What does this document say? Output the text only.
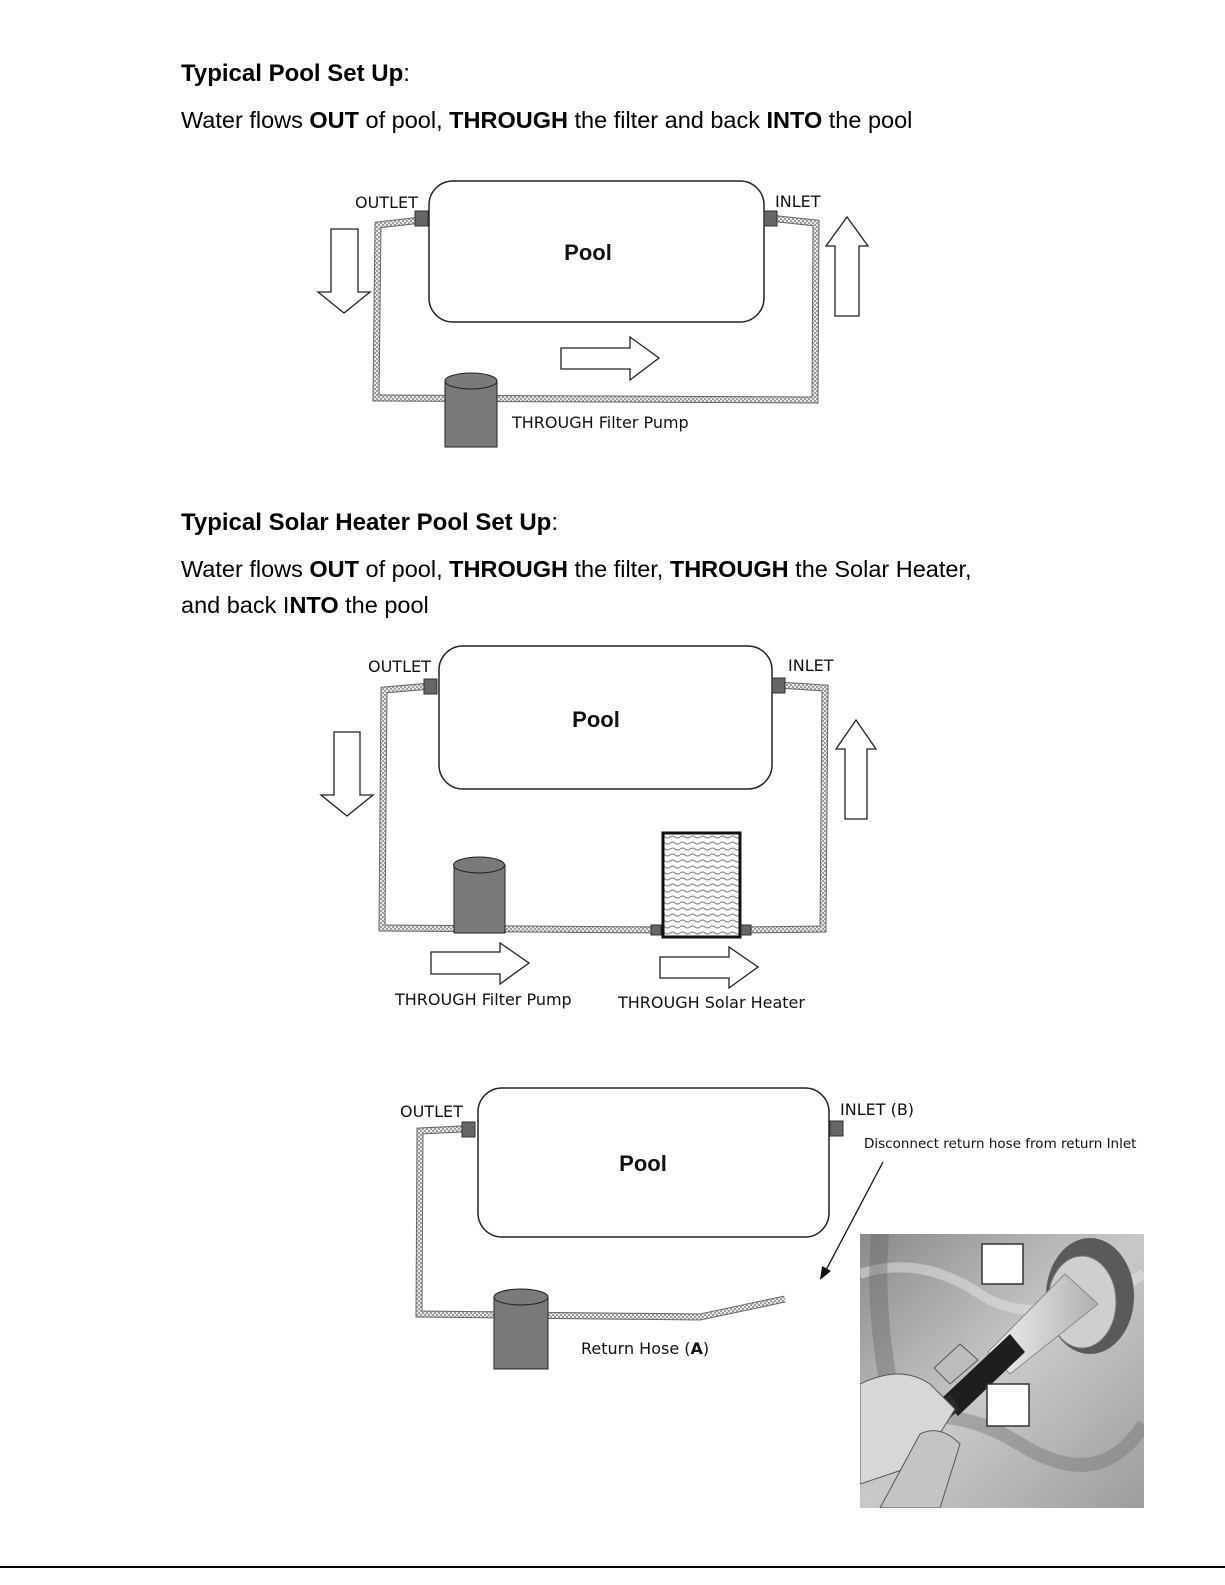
Typical Pool Set Up:
Water flows OUT of pool, THROUGH the filter and back INTO the pool
Typical Solar Heater Pool Set Up:
Water flows OUT of pool, THROUGH the filter, THROUGH the Solar Heater,
and back INTO the pool
Pool
OUTLET	INLET
THROUGH Filter Pump
Pool
OUTLET	INLET
THROUGH Filter Pump	THROUGH Solar Heater
Pool
OUTLET	INLET (B)
Disconnect return hose from return Inlet
Return Hose (A)
